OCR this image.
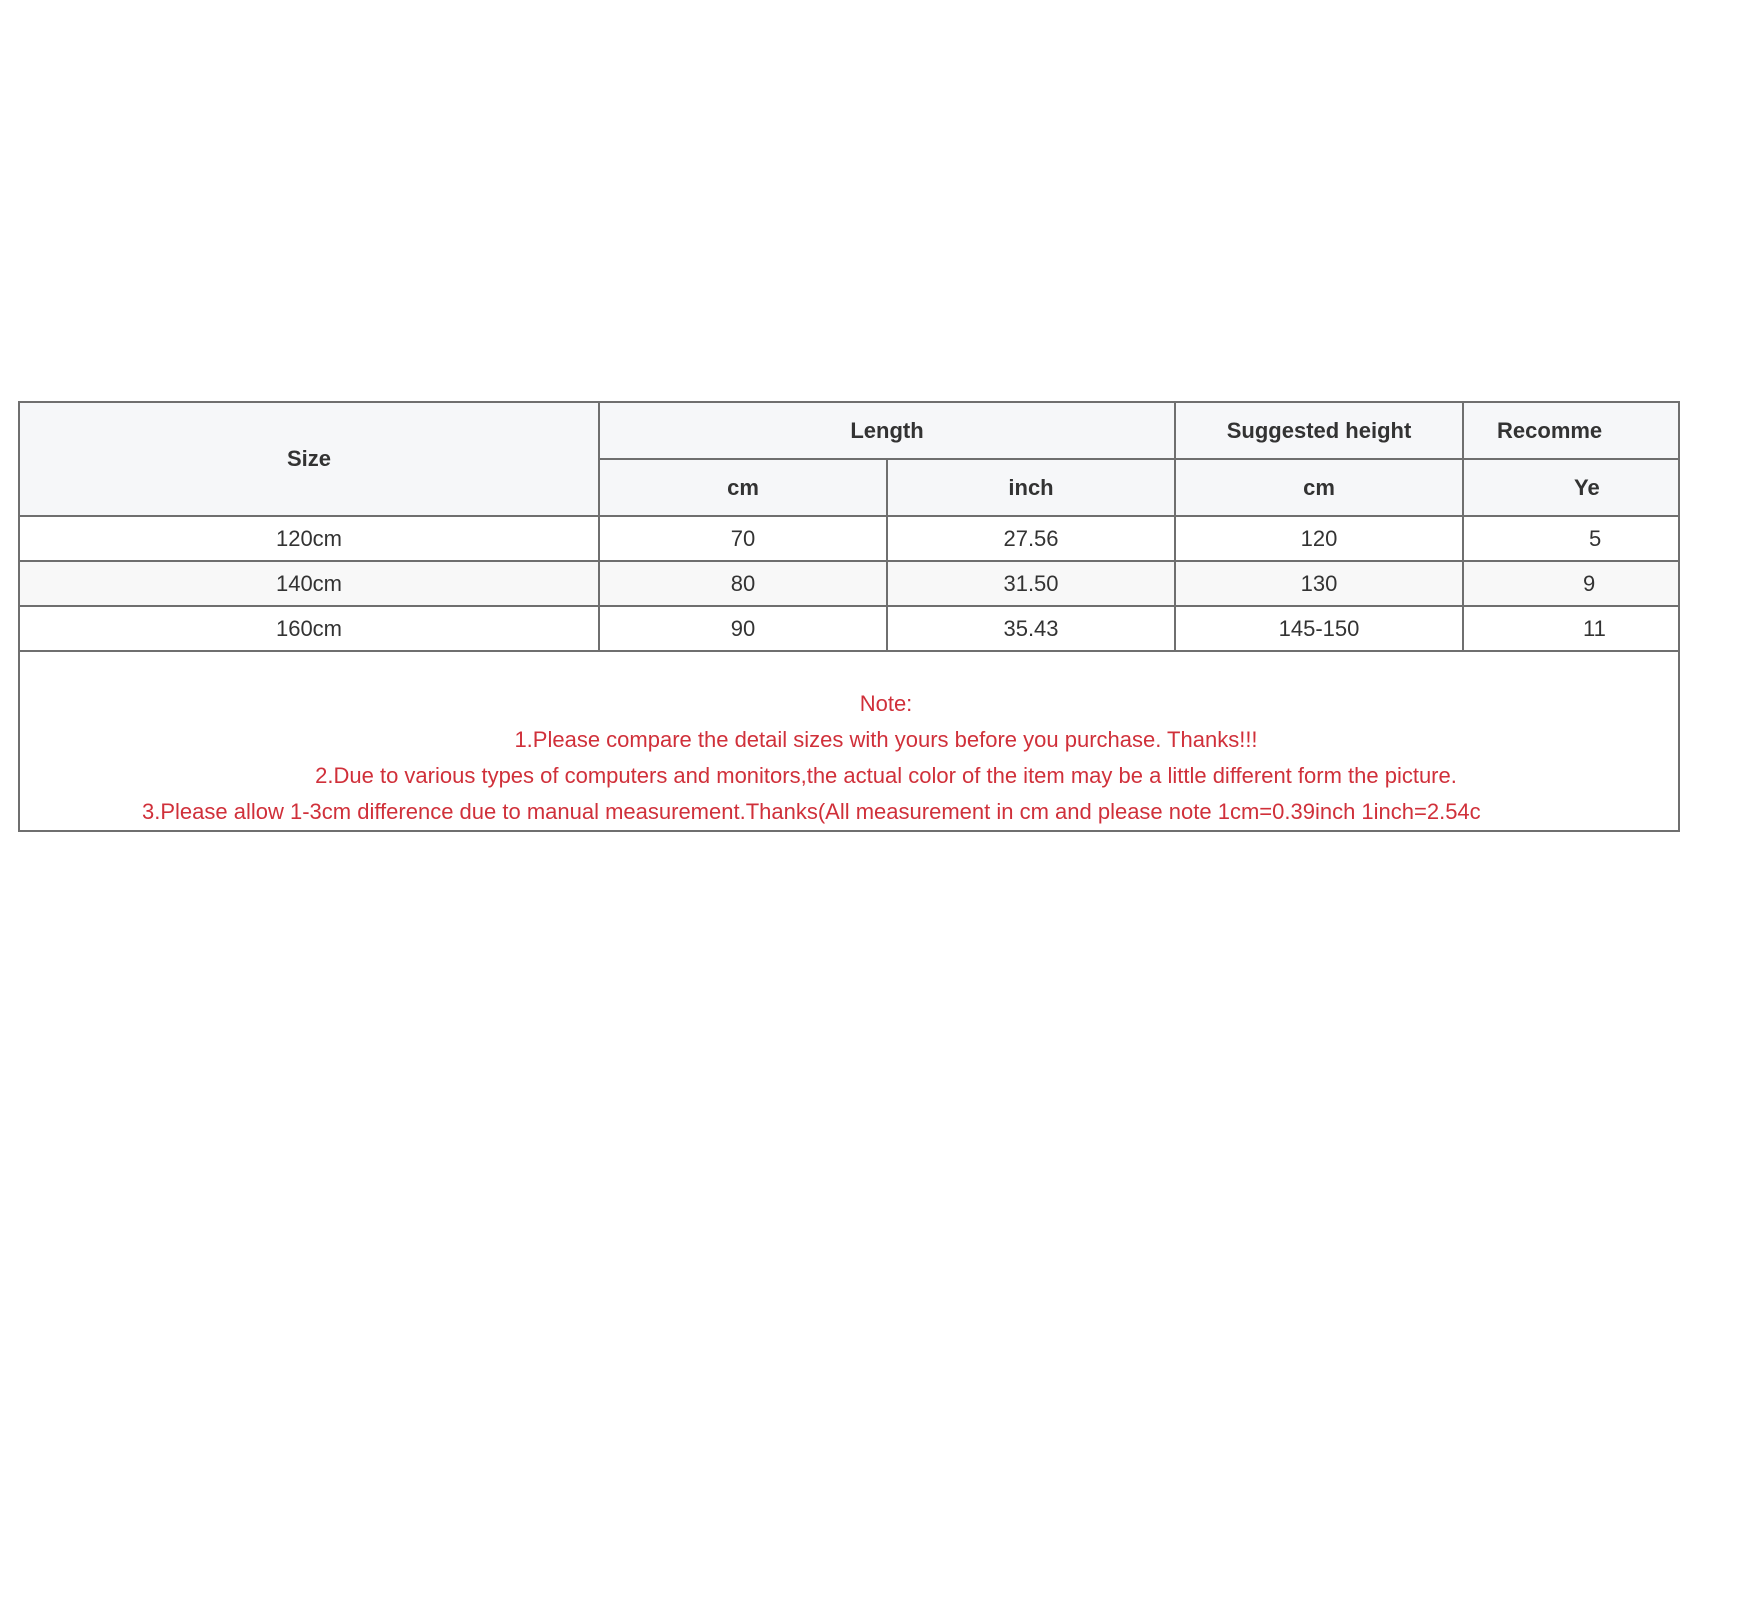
Size	Length		Suggested height	Recomme
	cm	inch	cm	Ye
120cm	70	27.56	120	5
140cm	80	31.50	130	9
160cm	90	35.43	145-150	11

Note:
1.Please compare the detail sizes with yours before you purchase. Thanks!!!
2.Due to various types of computers and monitors,the actual color of the item may be a little different form the picture.
3.Please allow 1-3cm difference due to manual measurement.Thanks(All measurement in cm and please note 1cm=0.39inch 1inch=2.54c				
